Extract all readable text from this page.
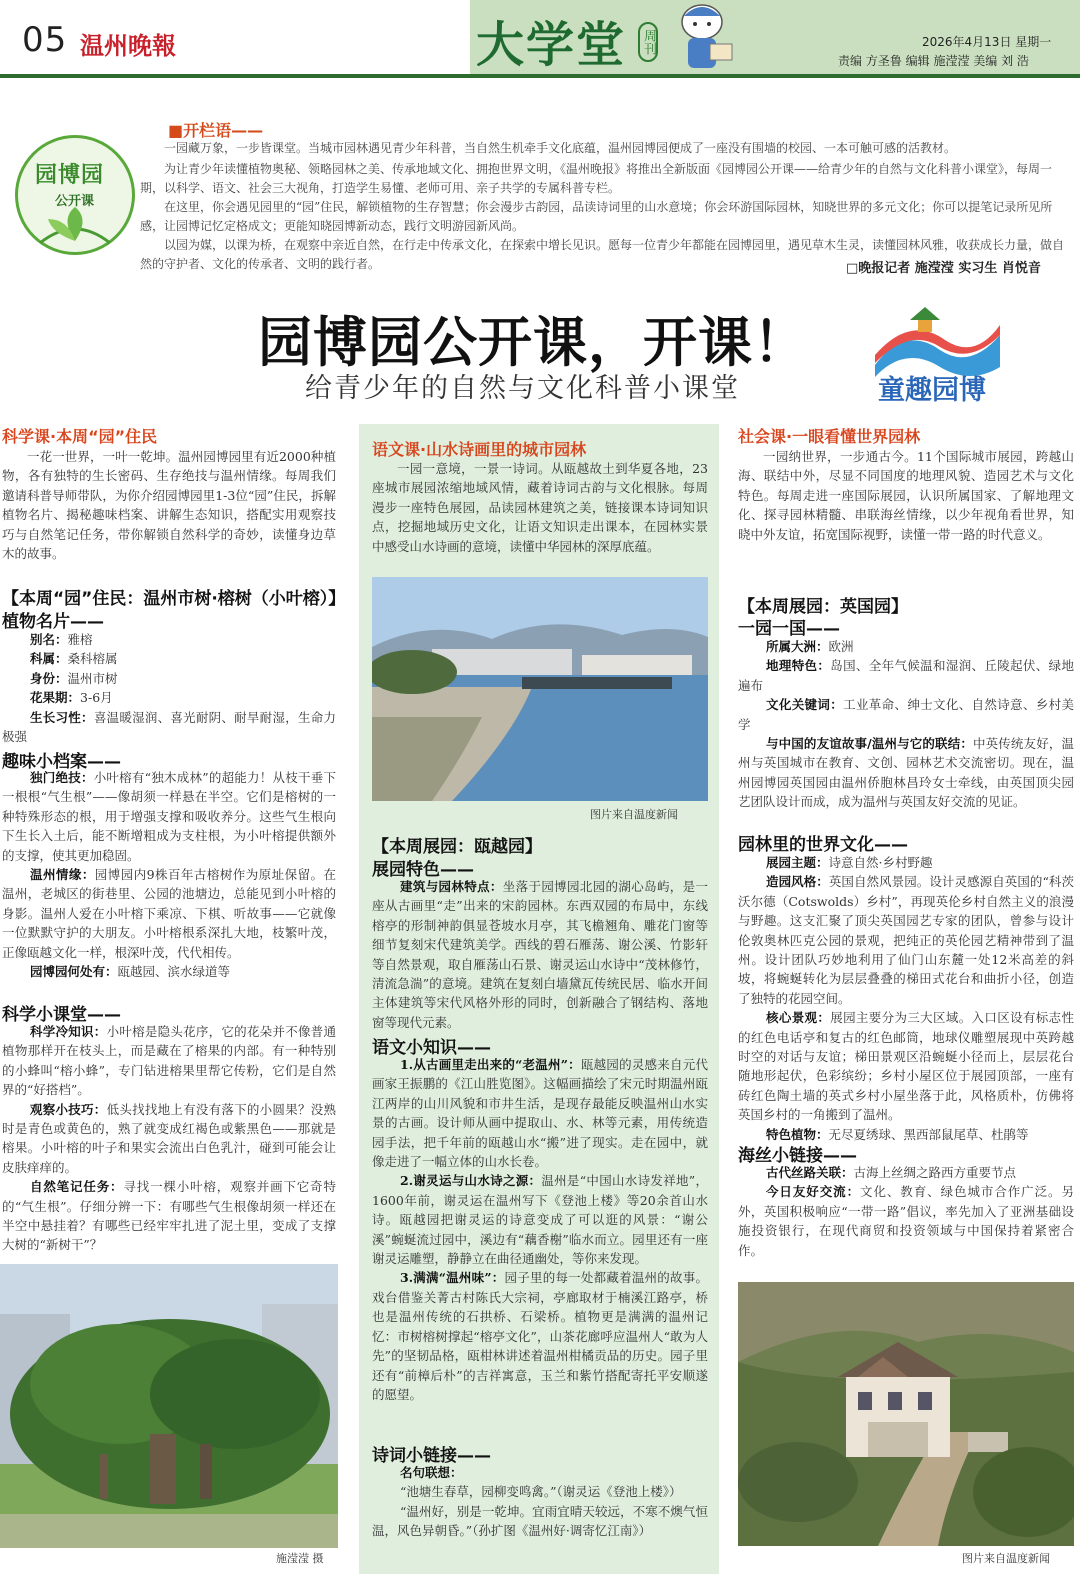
05 温州晚報	大学堂 周刊	2026年4月13日 星期一
责编 方圣鲁 编辑 施滢滢 美编 刘 浩
园博园
公开课
■开栏语——
一园藏万象，一步皆课堂。当城市园林遇见青少年科普，当自然生机牵手文化底蕴，温州园博园便成了一座没有围墙的校园、一本可触可感的活教材。
为让青少年读懂植物奥秘、领略园林之美、传承地域文化、拥抱世界文明，《温州晚报》将推出全新版面《园博园公开课——给青少年的自然与文化科普小课堂》，每周一期，以科学、语文、社会三大视角，打造学生易懂、老师可用、亲子共学的专属科普专栏。
在这里，你会遇见园里的“园”住民，解锁植物的生存智慧；你会漫步古韵园，品读诗词里的山水意境；你会环游国际园林，知晓世界的多元文化；你可以提笔记录所见所感，让园博记忆定格成文；更能知晓园博新动态，践行文明游园新风尚。
以园为媒，以课为桥，在观察中亲近自然，在行走中传承文化，在探索中增长见识。愿每一位青少年都能在园博园里，遇见草木生灵，读懂园林风雅，收获成长力量，做自然的守护者、文化的传承者、文明的践行者。	□晚报记者 施滢滢 实习生 肖悦音
园博园公开课，开课！
给青少年的自然与文化科普小课堂	童趣园博
科学课·本周“园”住民
一花一世界，一叶一乾坤。温州园博园里有近2000种植物，各有独特的生长密码、生存绝技与温州情缘。每周我们邀请科普导师带队，为你介绍园博园里1-3位“园”住民，拆解植物名片、揭秘趣味档案、讲解生态知识，搭配实用观察技巧与自然笔记任务，带你解锁自然科学的奇妙，读懂身边草木的故事。
【本周“园”住民：温州市树·榕树（小叶榕）】
植物名片——
别名：雅榕
科属：桑科榕属
身份：温州市树
花果期：3-6月
生长习性：喜温暖湿润、喜光耐阴、耐旱耐湿，生命力极强
趣味小档案——
独门绝技：小叶榕有“独木成林”的超能力！从枝干垂下一根根“气生根”——像胡须一样悬在半空。它们是榕树的一种特殊形态的根，用于增强支撑和吸收养分。这些气生根向下生长入土后，能不断增粗成为支柱根，为小叶榕提供额外的支撑，使其更加稳固。
温州情缘：园博园内9株百年古榕树作为原址保留。在温州，老城区的街巷里、公园的池塘边，总能见到小叶榕的身影。温州人爱在小叶榕下乘凉、下棋、听故事——它就像一位默默守护的大朋友。小叶榕根系深扎大地，枝繁叶茂，正像瓯越文化一样，根深叶茂，代代相传。
园博园何处有：瓯越园、滨水绿道等
科学小课堂——
科学冷知识：小叶榕是隐头花序，它的花朵并不像普通植物那样开在枝头上，而是藏在了榕果的内部。有一种特别的小蜂叫“榕小蜂”，专门钻进榕果里帮它传粉，它们是自然界的“好搭档”。
观察小技巧：低头找找地上有没有落下的小圆果？没熟时是青色或黄色的，熟了就变成红褐色或紫黑色——那就是榕果。小叶榕的叶子和果实会流出白色乳汁，碰到可能会让皮肤痒痒的。
自然笔记任务：寻找一棵小叶榕，观察并画下它奇特的“气生根”。仔细分辨一下：有哪些气生根像胡须一样还在半空中悬挂着？有哪些已经牢牢扎进了泥土里，变成了支撑大树的“新树干”？
施滢滢 摄
语文课·山水诗画里的城市园林
一园一意境，一景一诗词。从瓯越故土到华夏各地，23座城市展园浓缩地域风情，藏着诗词古韵与文化根脉。每周漫步一座特色展园，品读园林建筑之美，链接课本诗词知识点，挖掘地域历史文化，让语文知识走出课本，在园林实景中感受山水诗画的意境，读懂中华园林的深厚底蕴。
图片来自温度新闻
【本周展园：瓯越园】
展园特色——
建筑与园林特点：坐落于园博园北园的湖心岛屿，是一座从古画里“走”出来的宋韵园林。东西双园的布局中，东线榕亭的形制神韵俱显苍坡水月亭，其飞檐翘角、雕花门窗等细节复刻宋代建筑美学。西线的碧石雁荡、谢公溪、竹影轩等自然景观，取自雁荡山石景、谢灵运山水诗中“茂林修竹，清流急湍”的意境。建筑在复刻白墙黛瓦传统民居、临水开间主体建筑等宋代风格外形的同时，创新融合了钢结构、落地窗等现代元素。
语文小知识——
1.从古画里走出来的“老温州”：瓯越园的灵感来自元代画家王振鹏的《江山胜览图》。这幅画描绘了宋元时期温州瓯江两岸的山川风貌和市井生活，是现存最能反映温州山水实景的古画。设计师从画中提取山、水、林等元素，用传统造园手法，把千年前的瓯越山水“搬”进了现实。走在园中，就像走进了一幅立体的山水长卷。
2.谢灵运与山水诗之源：温州是“中国山水诗发祥地”，1600年前，谢灵运在温州写下《登池上楼》等20余首山水诗。瓯越园把谢灵运的诗意变成了可以逛的风景：“谢公溪”蜿蜒流过园中，溪边有“藕香榭”临水而立。园里还有一座谢灵运雕塑，静静立在曲径通幽处，等你来发现。
3.满满“温州味”：园子里的每一处都藏着温州的故事。戏台借鉴关菁古村陈氏大宗祠，亭廊取材于楠溪江路亭，桥也是温州传统的石拱桥、石梁桥。植物更是满满的温州记忆：市树榕树撑起“榕亭文化”，山茶花廊呼应温州人“敢为人先”的坚韧品格，瓯柑林讲述着温州柑橘贡品的历史。园子里还有“前樟后朴”的吉祥寓意，玉兰和紫竹搭配寄托平安顺遂的愿望。
诗词小链接——
名句联想：
“池塘生春草，园柳变鸣禽。”（谢灵运《登池上楼》）
“温州好，别是一乾坤。宜雨宜晴天较远，不寒不燠气恒温，风色异朝昏。”（孙扩图《温州好·调寄忆江南》）
社会课·一眼看懂世界园林
一园纳世界，一步通古今。11个国际城市展园，跨越山海、联结中外，尽显不同国度的地理风貌、造园艺术与文化特色。每周走进一座国际展园，认识所属国家、了解地理文化、探寻园林精髓、串联海丝情缘，以少年视角看世界，知晓中外友谊，拓宽国际视野，读懂一带一路的时代意义。
【本周展园：英国园】
一园一国——
所属大洲：欧洲
地理特色：岛国、全年气候温和湿润、丘陵起伏、绿地遍布
文化关键词：工业革命、绅士文化、自然诗意、乡村美学
与中国的友谊故事/温州与它的联结：中英传统友好，温州与英国城市在教育、文创、园林艺术交流密切。现在，温州园博园英国园由温州侨胞林昌玲女士牵线，由英国顶尖园艺团队设计而成，成为温州与英国友好交流的见证。
园林里的世界文化——
展园主题：诗意自然·乡村野趣
造园风格：英国自然风景园。设计灵感源自英国的“科茨沃尔德（Cotswolds）乡村”，再现英伦乡村自然主义的浪漫与野趣。这支汇聚了顶尖英国园艺专家的团队，曾参与设计伦敦奥林匹克公园的景观，把纯正的英伦园艺精神带到了温州。设计团队巧妙地利用了仙门山东麓一处12米高差的斜坡，将蜿蜒转化为层层叠叠的梯田式花台和曲折小径，创造了独特的花园空间。
核心景观：展园主要分为三大区域。入口区设有标志性的红色电话亭和复古的红色邮筒，地球仪雕塑展现中英跨越时空的对话与友谊；梯田景观区沿蜿蜒小径而上，层层花台随地形起伏，色彩缤纷；乡村小屋区位于展园顶部，一座有砖红色陶土墙的英式乡村小屋坐落于此，风格质朴，仿佛将英国乡村的一角搬到了温州。
特色植物：无尽夏绣球、黑西部鼠尾草、杜鹃等
海丝小链接——
古代丝路关联：古海上丝绸之路西方重要节点
今日友好交流：文化、教育、绿色城市合作广泛。另外，英国积极响应“一带一路”倡议，率先加入了亚洲基础设施投资银行，在现代商贸和投资领域与中国保持着紧密合作。
图片来自温度新闻
